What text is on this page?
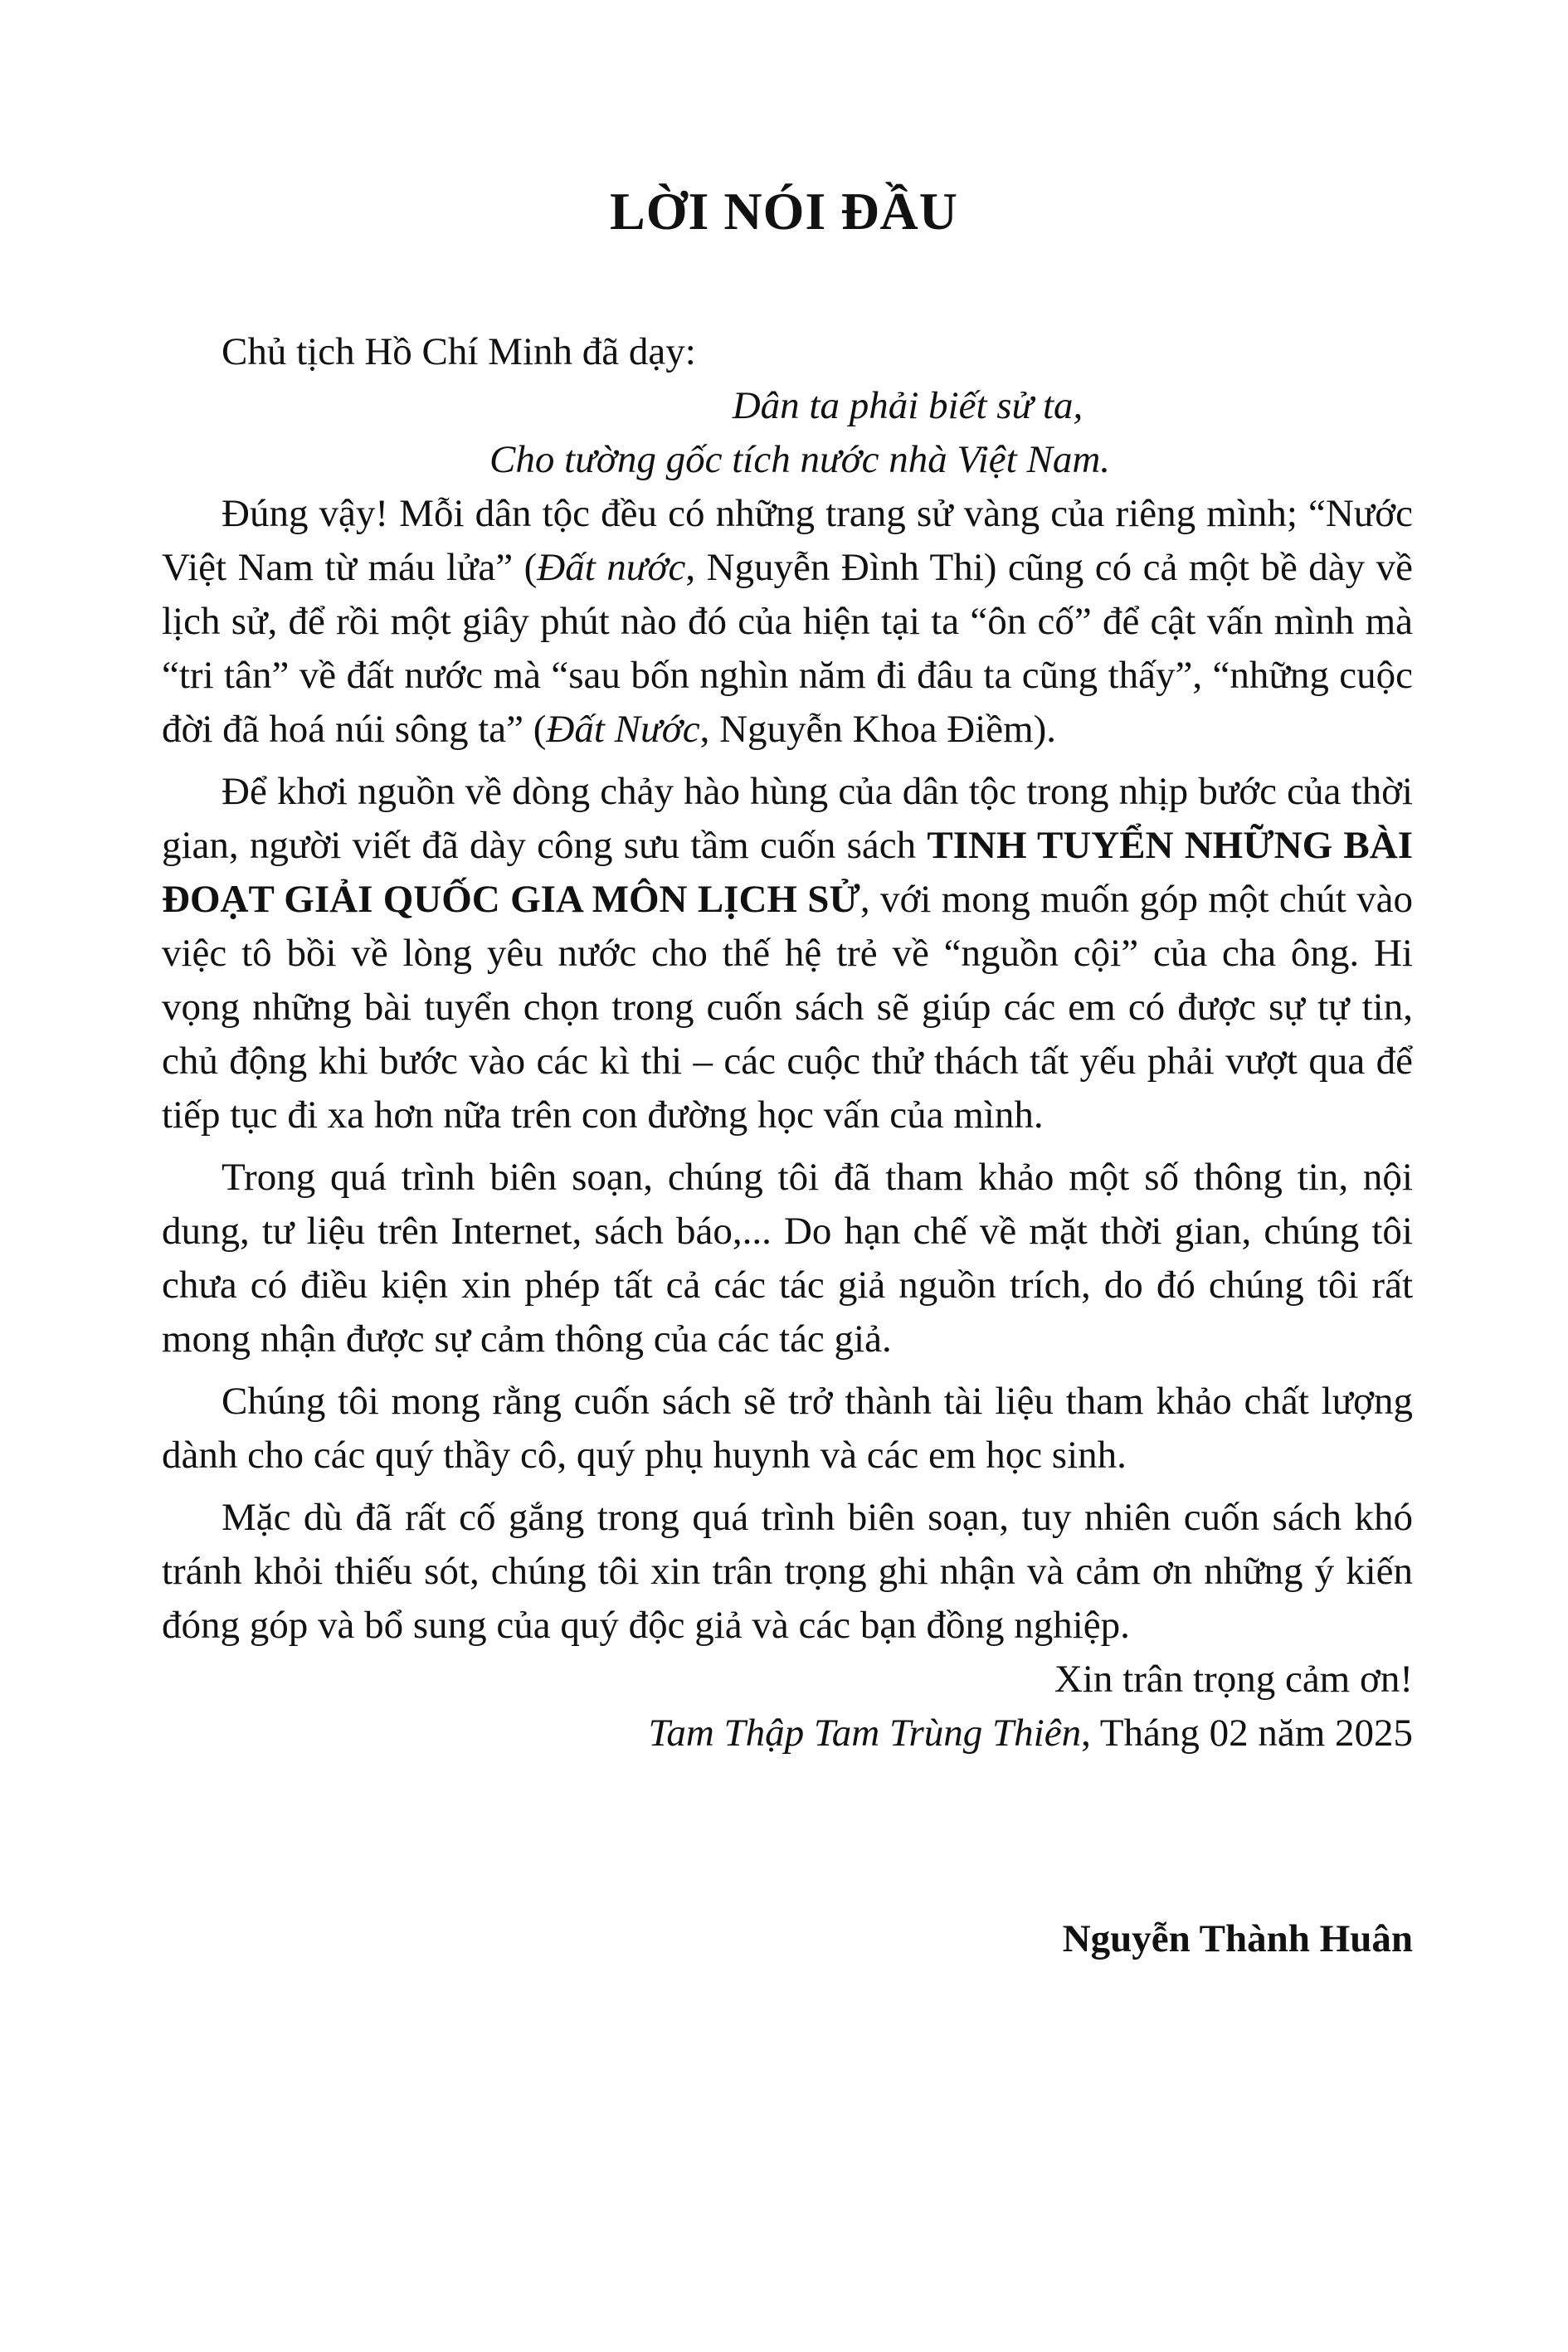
LỜI NÓI ĐẦU

Chủ tịch Hồ Chí Minh đã dạy:

Dân ta phải biết sử ta,

Cho tường gốc tích nước nhà Việt Nam.

Đúng vậy! Mỗi dân tộc đều có những trang sử vàng của riêng mình; “Nước Việt Nam từ máu lửa” (Đất nước, Nguyễn Đình Thi) cũng có cả một bề dày về lịch sử, để rồi một giây phút nào đó của hiện tại ta “ôn cố” để cật vấn mình mà “tri tân” về đất nước mà “sau bốn nghìn năm đi đâu ta cũng thấy”, “những cuộc đời đã hoá núi sông ta” (Đất Nước, Nguyễn Khoa Điềm).

Để khơi nguồn về dòng chảy hào hùng của dân tộc trong nhịp bước của thời gian, người viết đã dày công sưu tầm cuốn sách TINH TUYỂN NHỮNG BÀI ĐOẠT GIẢI QUỐC GIA MÔN LỊCH SỬ, với mong muốn góp một chút vào việc tô bồi về lòng yêu nước cho thế hệ trẻ về “nguồn cội” của cha ông. Hi vọng những bài tuyển chọn trong cuốn sách sẽ giúp các em có được sự tự tin, chủ động khi bước vào các kì thi – các cuộc thử thách tất yếu phải vượt qua để tiếp tục đi xa hơn nữa trên con đường học vấn của mình.

Trong quá trình biên soạn, chúng tôi đã tham khảo một số thông tin, nội dung, tư liệu trên Internet, sách báo,... Do hạn chế về mặt thời gian, chúng tôi chưa có điều kiện xin phép tất cả các tác giả nguồn trích, do đó chúng tôi rất mong nhận được sự cảm thông của các tác giả.

Chúng tôi mong rằng cuốn sách sẽ trở thành tài liệu tham khảo chất lượng dành cho các quý thầy cô, quý phụ huynh và các em học sinh.

Mặc dù đã rất cố gắng trong quá trình biên soạn, tuy nhiên cuốn sách khó tránh khỏi thiếu sót, chúng tôi xin trân trọng ghi nhận và cảm ơn những ý kiến đóng góp và bổ sung của quý độc giả và các bạn đồng nghiệp.

Xin trân trọng cảm ơn!

Tam Thập Tam Trùng Thiên, Tháng 02 năm 2025

Nguyễn Thành Huân
